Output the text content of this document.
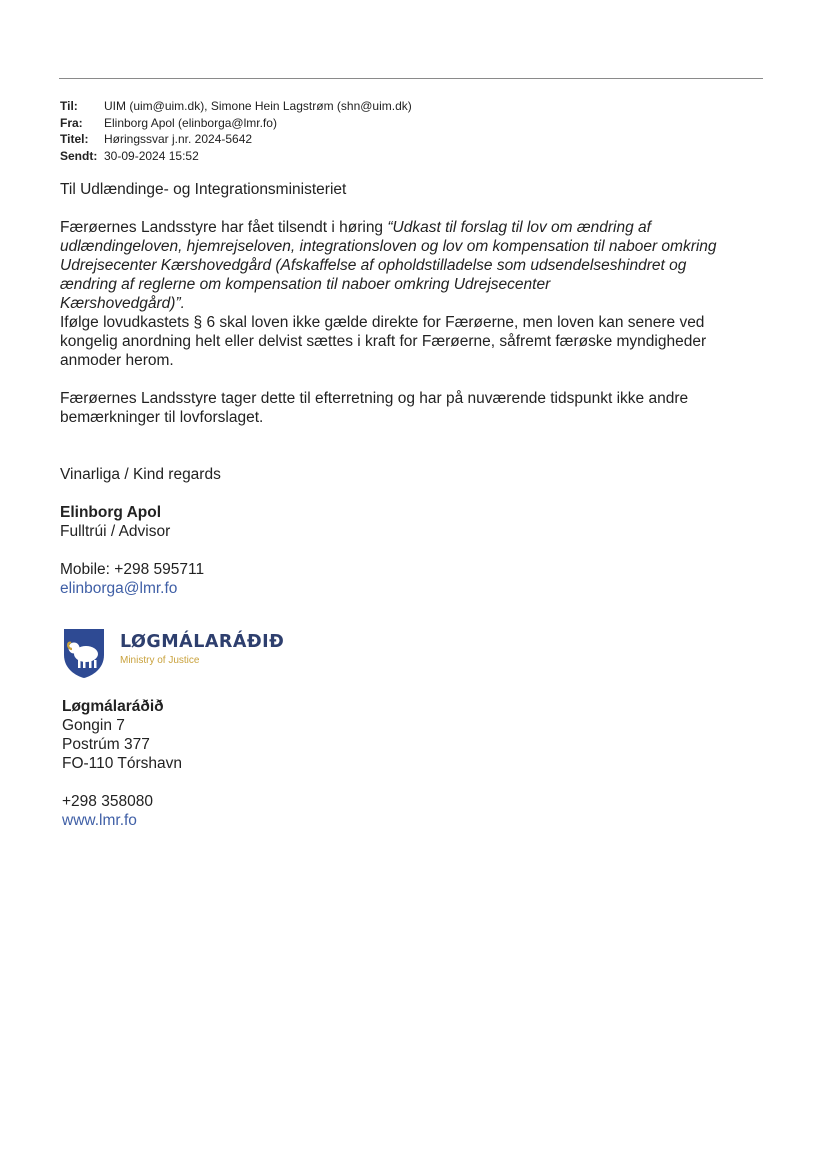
Til:	UIM (uim@uim.dk), Simone Hein Lagstrøm (shn@uim.dk)
Fra:	Elinborg Apol (elinborga@lmr.fo)
Titel:	Høringssvar j.nr. 2024-5642
Sendt: 30-09-2024 15:52

Til Udlændinge- og Integrationsministeriet

Færøernes Landsstyre har fået tilsendt i høring “Udkast til forslag til lov om ændring af
udlændingeloven, hjemrejseloven, integrationsloven og lov om kompensation til naboer omkring
Udrejsecenter Kærshovedgård (Afskaffelse af opholdstilladelse som udsendelseshindret og
ændring af reglerne om kompensation til naboer omkring Udrejsecenter
Kærshovedgård)”.

Ifølge lovudkastets § 6 skal loven ikke gælde direkte for Færøerne, men loven kan senere ved
kongelig anordning helt eller delvist sættes i kraft for Færøerne, såfremt færøske myndigheder
anmoder herom.

Færøernes Landsstyre tager dette til efterretning og har på nuværende tidspunkt ikke andre
bemærkninger til lovforslaget.

Vinarliga / Kind regards

Elinborg Apol

Fulltrúi / Advisor

Mobile: +298 595711

elinborga@lmr.fo

LØGMÁLARÁÐIÐ
Ministry of Justice

Løgmálaráðið

Gongin 7

Postrúm 377

FO-110 Tórshavn

+298 358080

www.lmr.fo
